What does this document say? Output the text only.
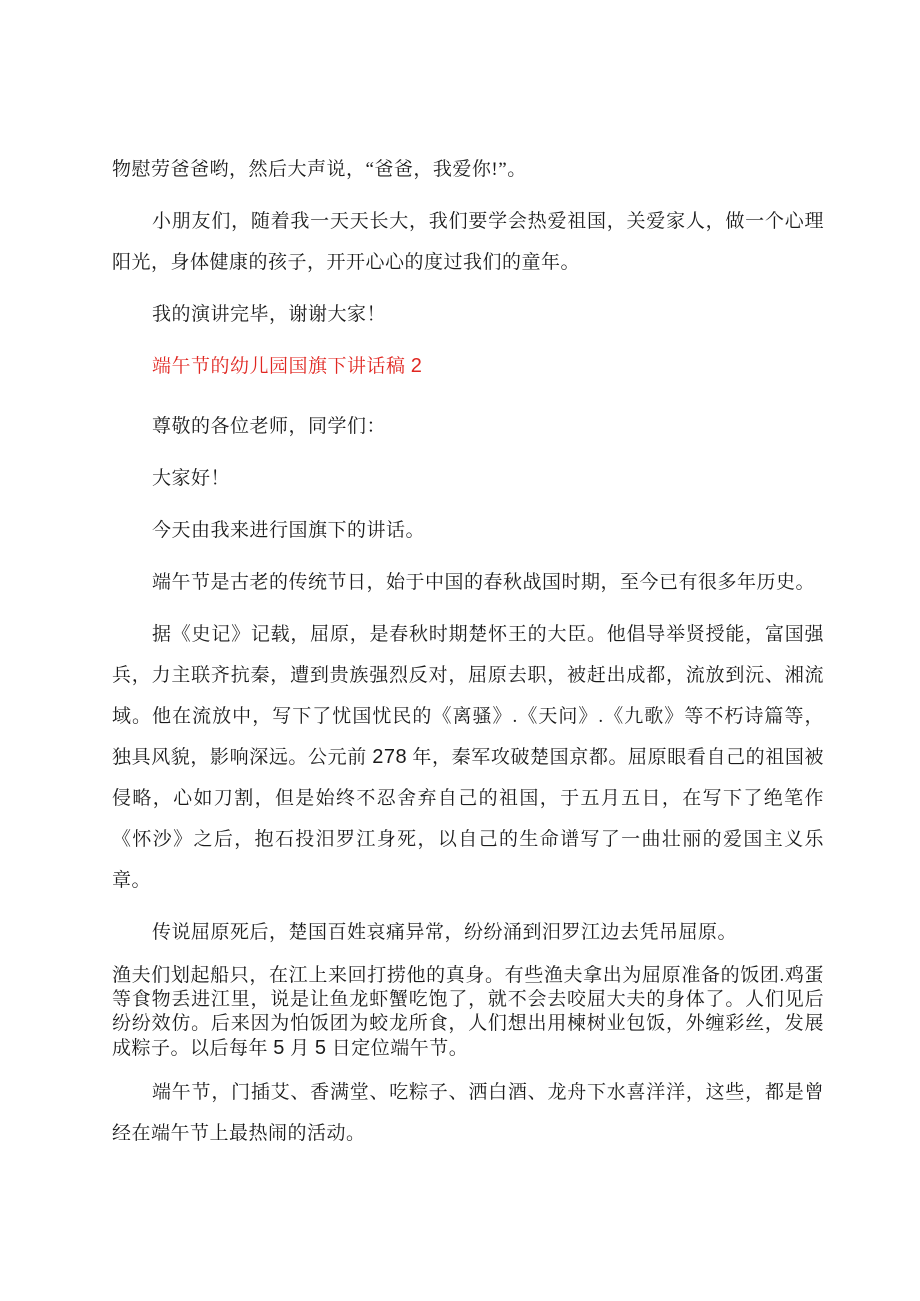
物慰劳爸爸哟，然后大声说，“爸爸，我爱你!”。

小朋友们，随着我一天天长大，我们要学会热爱祖国，关爱家人，做一个心理阳光，身体健康的孩子，开开心心的度过我们的童年。

我的演讲完毕，谢谢大家！

端午节的幼儿园国旗下讲话稿 2

尊敬的各位老师，同学们：

大家好！

今天由我来进行国旗下的讲话。

端午节是古老的传统节日，始于中国的春秋战国时期，至今已有很多年历史。

据《史记》记载，屈原，是春秋时期楚怀王的大臣。他倡导举贤授能，富国强兵，力主联齐抗秦，遭到贵族强烈反对，屈原去职，被赶出成都，流放到沅、湘流域。他在流放中，写下了忧国忧民的《离骚》.《天问》.《九歌》等不朽诗篇等，独具风貌，影响深远。公元前 278 年，秦军攻破楚国京都。屈原眼看自己的祖国被侵略，心如刀割，但是始终不忍舍弃自己的祖国，于五月五日，在写下了绝笔作《怀沙》之后，抱石投汨罗江身死，以自己的生命谱写了一曲壮丽的爱国主义乐章。

传说屈原死后，楚国百姓哀痛异常，纷纷涌到汨罗江边去凭吊屈原。

渔夫们划起船只，在江上来回打捞他的真身。有些渔夫拿出为屈原准备的饭团.鸡蛋等食物丢进江里，说是让鱼龙虾蟹吃饱了，就不会去咬屈大夫的身体了。人们见后纷纷效仿。后来因为怕饭团为蛟龙所食，人们想出用楝树业包饭，外缠彩丝，发展成粽子。以后每年 5 月 5 日定位端午节。

端午节，门插艾、香满堂、吃粽子、洒白酒、龙舟下水喜洋洋，这些，都是曾经在端午节上最热闹的活动。
